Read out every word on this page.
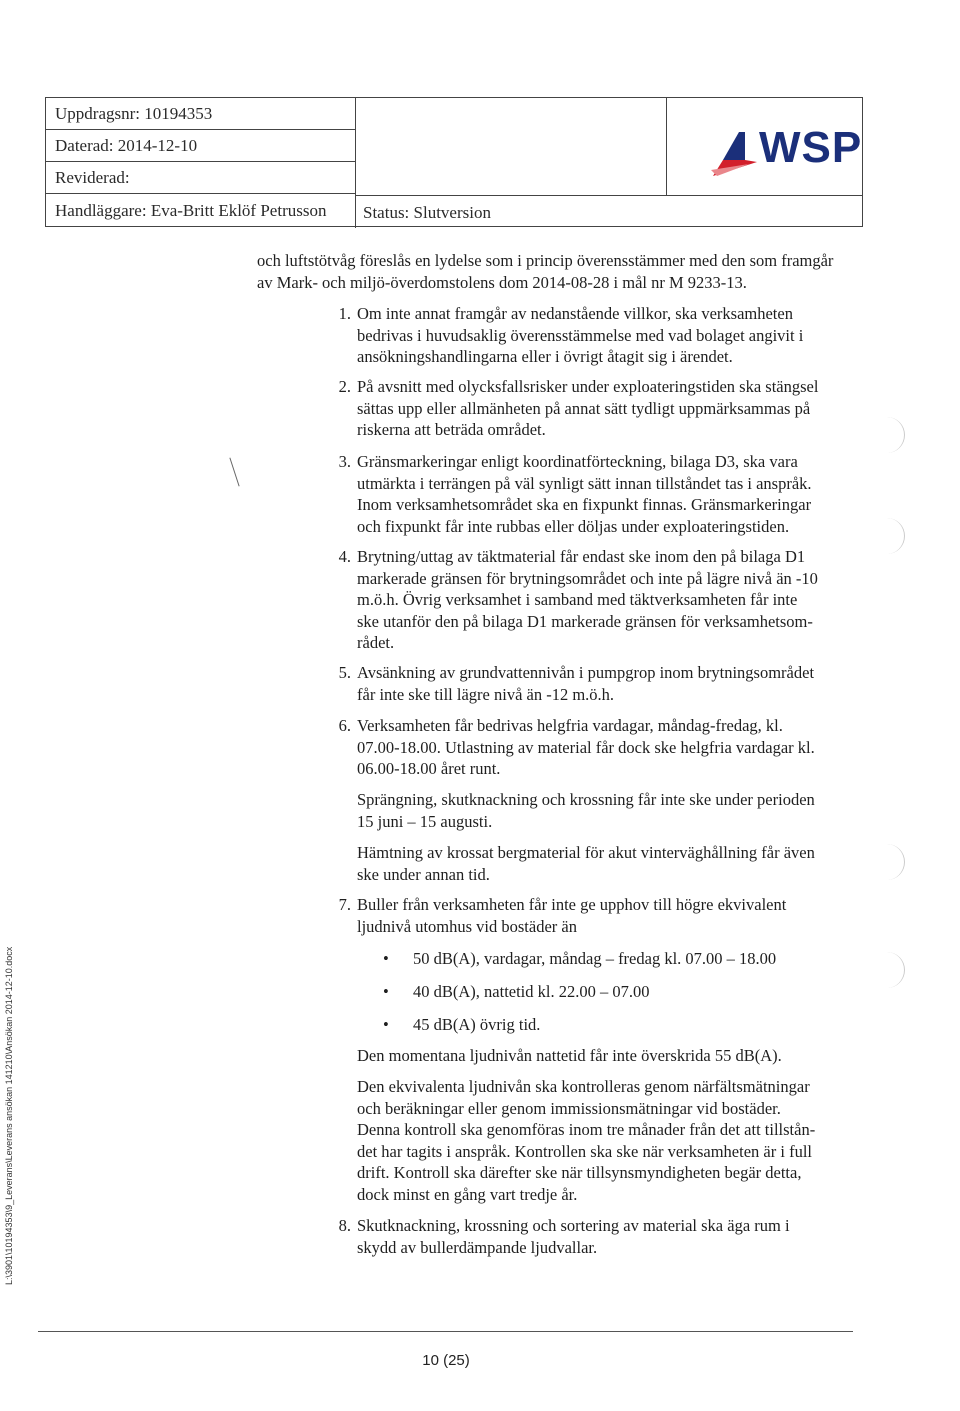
Uppdragsnr: 10194353
Daterad: 2014-12-10
Reviderad:
Handläggare: Eva-Britt Eklöf Petrusson	Status: Slutversion
WSP
och luftstötvåg föreslås en lydelse som i princip överensstämmer med den som framgår av Mark- och miljö-överdomstolens dom 2014-08-28 i mål nr M 9233-13.
1. Om inte annat framgår av nedanstående villkor, ska verksamheten
bedrivas i huvudsaklig överensstämmelse med vad bolaget angivit i
ansökningshandlingarna eller i övrigt åtagit sig i ärendet.
2. På avsnitt med olycksfallsrisker under exploateringstiden ska stängsel
sättas upp eller allmänheten på annat sätt tydligt uppmärksammas på
riskerna att beträda området.
3. Gränsmarkeringar enligt koordinatförteckning, bilaga D3, ska vara
utmärkta i terrängen på väl synligt sätt innan tillståndet tas i anspråk.
Inom verksamhetsområdet ska en fixpunkt finnas. Gränsmarkeringar
och fixpunkt får inte rubbas eller döljas under exploateringstiden.
4. Brytning/uttag av täktmaterial får endast ske inom den på bilaga D1
markerade gränsen för brytningsområdet och inte på lägre nivå än -10
m.ö.h. Övrig verksamhet i samband med täktverksamheten får inte
ske utanför den på bilaga D1 markerade gränsen för verksamhetsom-
rådet.
5. Avsänkning av grundvattennivån i pumpgrop inom brytningsområdet
får inte ske till lägre nivå än -12 m.ö.h.
6. Verksamheten får bedrivas helgfria vardagar, måndag-fredag, kl.
07.00-18.00. Utlastning av material får dock ske helgfria vardagar kl.
06.00-18.00 året runt.
Sprängning, skutknackning och krossning får inte ske under perioden
15 juni – 15 augusti.
Hämtning av krossat bergmaterial för akut vinterväghållning får även
ske under annan tid.
7. Buller från verksamheten får inte ge upphov till högre ekvivalent
ljudnivå utomhus vid bostäder än
• 50 dB(A), vardagar, måndag – fredag kl. 07.00 – 18.00
• 40 dB(A), nattetid kl. 22.00 – 07.00
• 45 dB(A) övrig tid.
Den momentana ljudnivån nattetid får inte överskrida 55 dB(A).
Den ekvivalenta ljudnivån ska kontrolleras genom närfältsmätningar
och beräkningar eller genom immissionsmätningar vid bostäder.
Denna kontroll ska genomföras inom tre månader från det att tillstån-
det har tagits i anspråk. Kontrollen ska ske när verksamheten är i full
drift. Kontroll ska därefter ske när tillsynsmyndigheten begär detta,
dock minst en gång vart tredje år.
8. Skutknackning, krossning och sortering av material ska äga rum i
skydd av bullerdämpande ljudvallar.
L:\3901\10194353\9_Leverans\Leverans ansökan 141210\Ansökan 2014-12-10.docx
10 (25)
